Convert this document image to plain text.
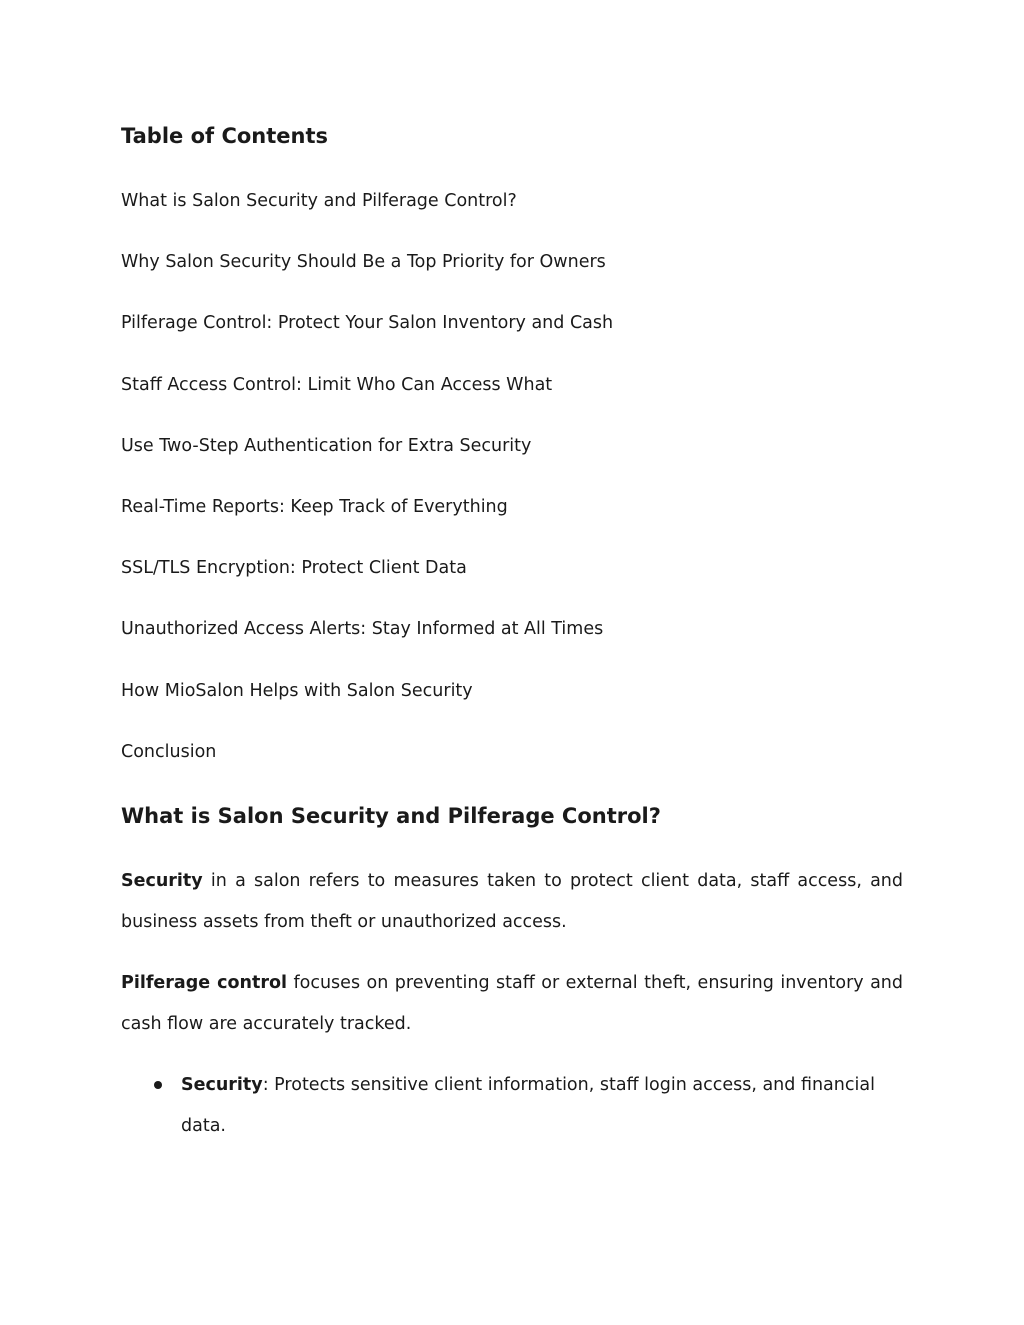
Table of Contents
What is Salon Security and Pilferage Control?
Why Salon Security Should Be a Top Priority for Owners
Pilferage Control: Protect Your Salon Inventory and Cash
Staff Access Control: Limit Who Can Access What
Use Two-Step Authentication for Extra Security
Real-Time Reports: Keep Track of Everything
SSL/TLS Encryption: Protect Client Data
Unauthorized Access Alerts: Stay Informed at All Times
How MioSalon Helps with Salon Security
Conclusion
What is Salon Security and Pilferage Control?

Security in a salon refers to measures taken to protect client data, staff access, and business assets from theft or unauthorized access.

Pilferage control focuses on preventing staff or external theft, ensuring inventory and cash flow are accurately tracked.

Security: Protects sensitive client information, staff login access, and financial data.
